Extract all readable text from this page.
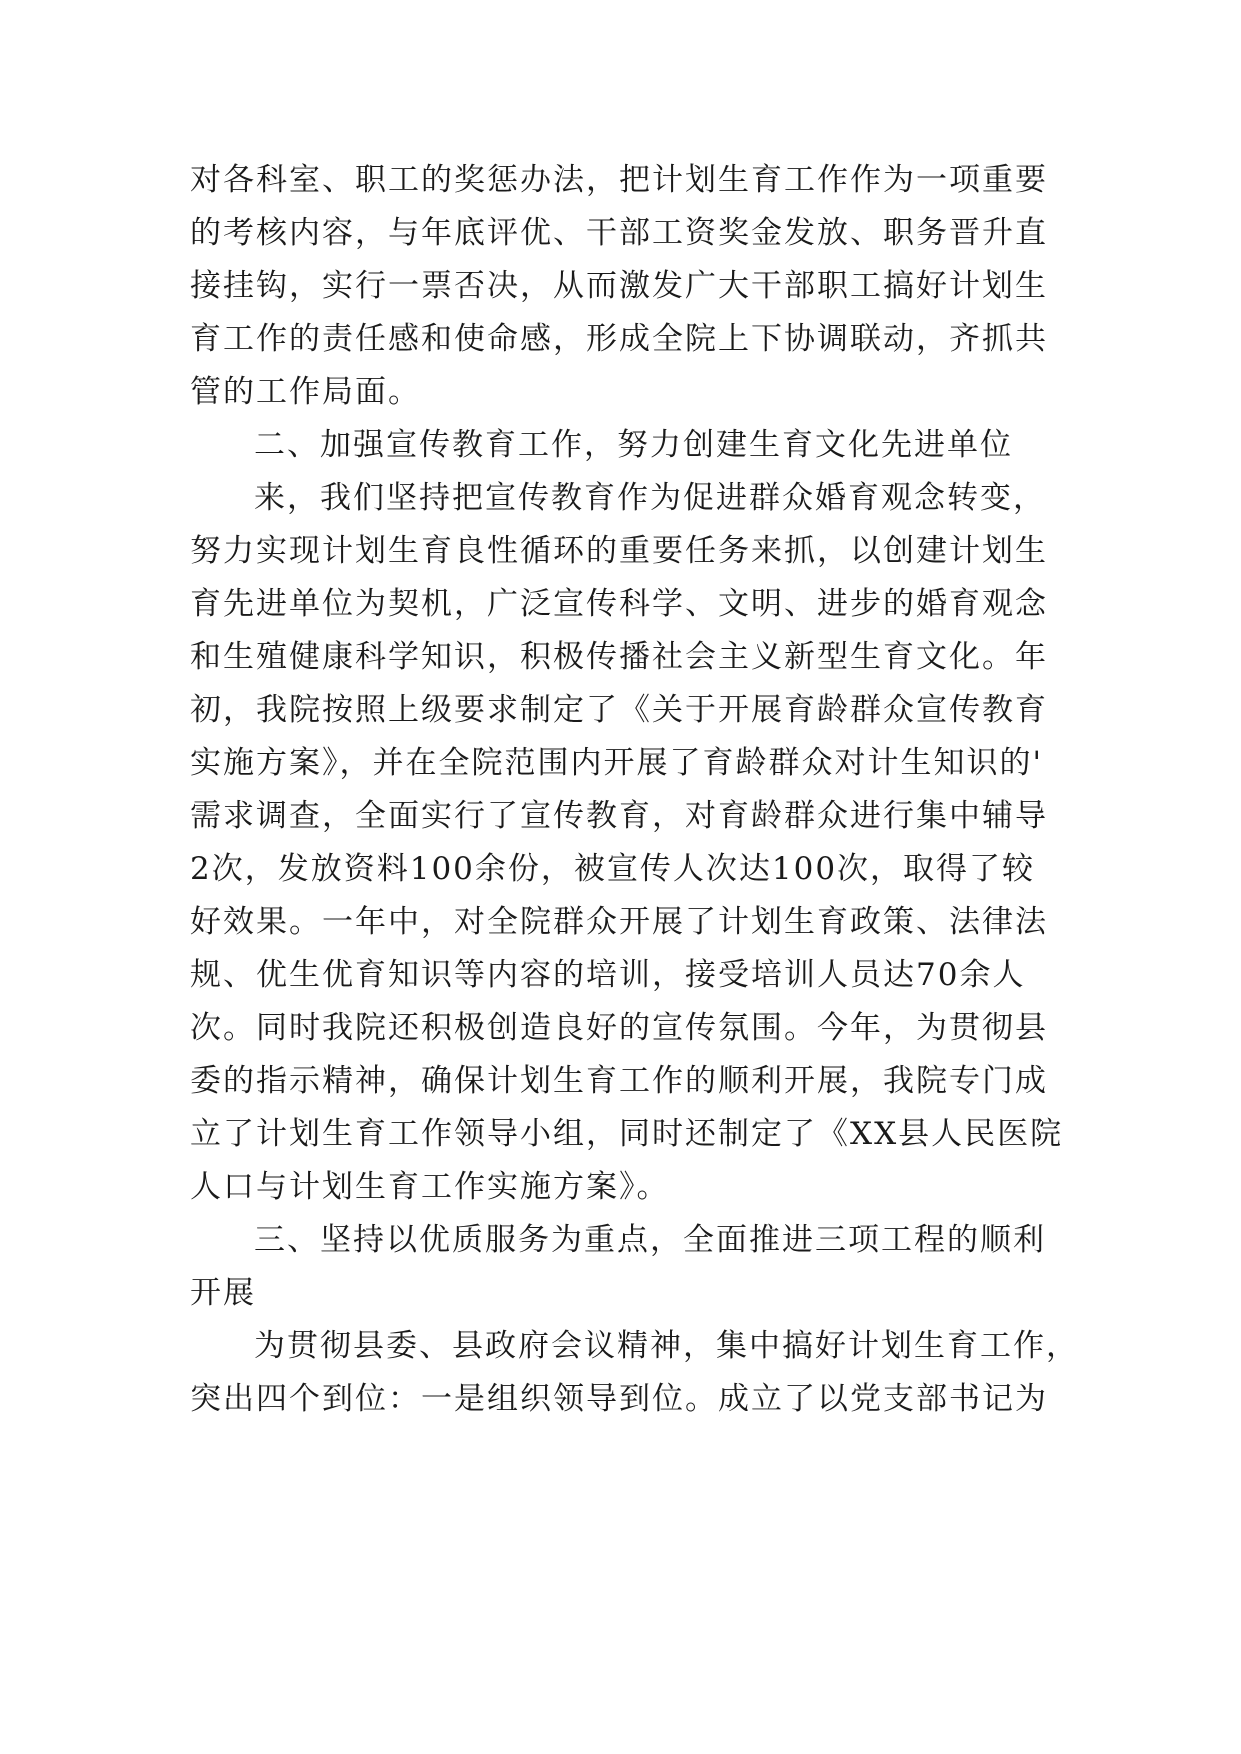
对各科室、职工的奖惩办法，把计划生育工作作为一项重要
的考核内容，与年底评优、干部工资奖金发放、职务晋升直
接挂钩，实行一票否决，从而激发广大干部职工搞好计划生
育工作的责任感和使命感，形成全院上下协调联动，齐抓共
管的工作局面。
二、加强宣传教育工作，努力创建生育文化先进单位
来，我们坚持把宣传教育作为促进群众婚育观念转变，
努力实现计划生育良性循环的重要任务来抓，以创建计划生
育先进单位为契机，广泛宣传科学、文明、进步的婚育观念
和生殖健康科学知识，积极传播社会主义新型生育文化。年
初，我院按照上级要求制定了《关于开展育龄群众宣传教育
实施方案》，并在全院范围内开展了育龄群众对计生知识的'
需求调查，全面实行了宣传教育，对育龄群众进行集中辅导
2次，发放资料100余份，被宣传人次达100次，取得了较
好效果。一年中，对全院群众开展了计划生育政策、法律法
规、优生优育知识等内容的培训，接受培训人员达70余人
次。同时我院还积极创造良好的宣传氛围。今年，为贯彻县
委的指示精神，确保计划生育工作的顺利开展，我院专门成
立了计划生育工作领导小组，同时还制定了《XX县人民医院
人口与计划生育工作实施方案》。
三、坚持以优质服务为重点，全面推进三项工程的顺利
开展
为贯彻县委、县政府会议精神，集中搞好计划生育工作，
突出四个到位：一是组织领导到位。成立了以党支部书记为
